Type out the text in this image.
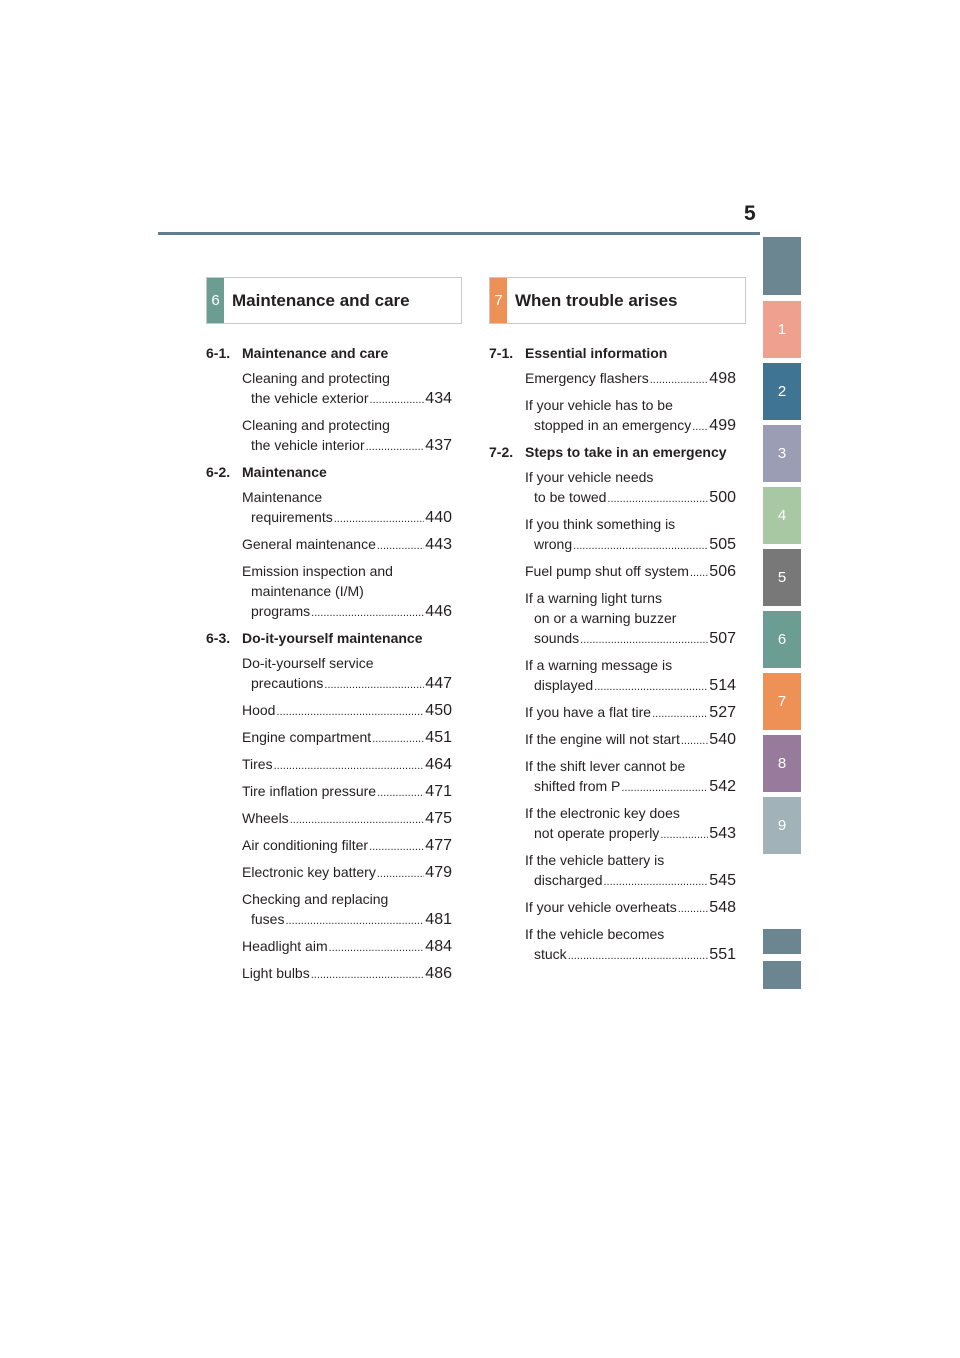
5
1
2
3
4
5
6
7
8
9
6 Maintenance and care	7 When trouble arises
6-1. Maintenance and care
Cleaning and protecting
the vehicle exterior .....	434
Cleaning and protecting
the vehicle interior .....	437
6-2. Maintenance
Maintenance
requirements .....	440
General maintenance .....	443
Emission inspection and
maintenance (I/M)
programs .....	446
6-3. Do-it-yourself maintenance
Do-it-yourself service
precautions .....	447
Hood .....	450
Engine compartment .....	451
Tires .....	464
Tire inflation pressure .....	471
Wheels .....	475
Air conditioning filter .....	477
Electronic key battery .....	479
Checking and replacing
fuses .....	481
Headlight aim .....	484
Light bulbs .....	486
7-1. Essential information
Emergency flashers .....	498
If your vehicle has to be
stopped in an emergency ..... 499
7-2. Steps to take in an emergency
If your vehicle needs
to be towed .....	500
If you think something is
wrong .....	505
Fuel pump shut off system ..... 506
If a warning light turns
on or a warning buzzer
sounds .....	507
If a warning message is
displayed .....	514
If you have a flat tire .....	527
If the engine will not start ..... 540
If the shift lever cannot be
shifted from P .....	542
If the electronic key does
not operate properly .....	543
If the vehicle battery is
discharged .....	545
If your vehicle overheats ..... 548
If the vehicle becomes
stuck .....	551
